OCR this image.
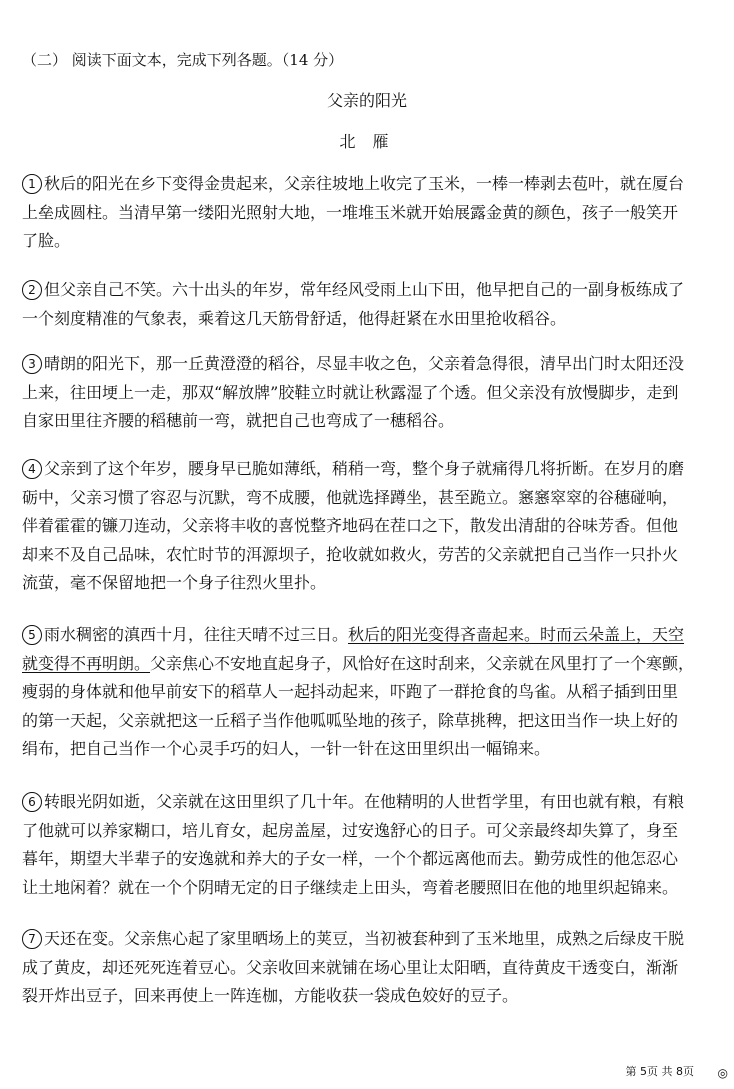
（二） 阅读下面文本，完成下列各题。（14 分）
父亲的阳光
北 雁
1 秋后的阳光在乡下变得金贵起来，父亲往坡地上收完了玉米，一棒一棒剥去苞叶，就在厦台
上垒成圆柱。当清早第一缕阳光照射大地，一堆堆玉米就开始展露金黄的颜色，孩子一般笑开
了脸。
2 但父亲自己不笑。六十出头的年岁，常年经风受雨上山下田，他早把自己的一副身板练成了
一个刻度精准的气象表，乘着这几天筋骨舒适，他得赶紧在水田里抢收稻谷。
3 晴朗的阳光下，那一丘黄澄澄的稻谷，尽显丰收之色，父亲着急得很，清早出门时太阳还没
上来，往田埂上一走，那双“解放牌”胶鞋立时就让秋露湿了个透。但父亲没有放慢脚步，走到
自家田里往齐腰的稻穗前一弯，就把自己也弯成了一穗稻谷。
4 父亲到了这个年岁，腰身早已脆如薄纸，稍稍一弯，整个身子就痛得几将折断。在岁月的磨
砺中，父亲习惯了容忍与沉默，弯不成腰，他就选择蹲坐，甚至跪立。窸窸窣窣的谷穗碰响，
伴着霍霍的镰刀连动，父亲将丰收的喜悦整齐地码在茬口之下，散发出清甜的谷味芳香。但他
却来不及自己品味，农忙时节的洱源坝子，抢收就如救火，劳苦的父亲就把自己当作一只扑火
流萤，毫不保留地把一个身子往烈火里扑。
5 雨水稠密的滇西十月，往往天晴不过三日。秋后的阳光变得吝啬起来。时而云朵盖上，天空
就变得不再明朗。父亲焦心不安地直起身子，风恰好在这时刮来，父亲就在风里打了一个寒颤，
瘦弱的身体就和他早前安下的稻草人一起抖动起来，吓跑了一群抢食的鸟雀。从稻子插到田里
的第一天起，父亲就把这一丘稻子当作他呱呱坠地的孩子，除草挑稗，把这田当作一块上好的
绢布，把自己当作一个心灵手巧的妇人，一针一针在这田里织出一幅锦来。
6 转眼光阴如逝，父亲就在这田里织了几十年。在他精明的人世哲学里，有田也就有粮，有粮
了他就可以养家糊口，培儿育女，起房盖屋，过安逸舒心的日子。可父亲最终却失算了，身至
暮年，期望大半辈子的安逸就和养大的子女一样，一个个都远离他而去。勤劳成性的他怎忍心
让土地闲着？就在一个个阴晴无定的日子继续走上田头，弯着老腰照旧在他的地里织起锦来。
7 天还在变。父亲焦心起了家里晒场上的荚豆，当初被套种到了玉米地里，成熟之后绿皮干脱
成了黄皮，却还死死连着豆心。父亲收回来就铺在场心里让太阳晒，直待黄皮干透变白，渐渐
裂开炸出豆子，回来再使上一阵连枷，方能收获一袋成色姣好的豆子。
第 5页 共 8页 ◎
